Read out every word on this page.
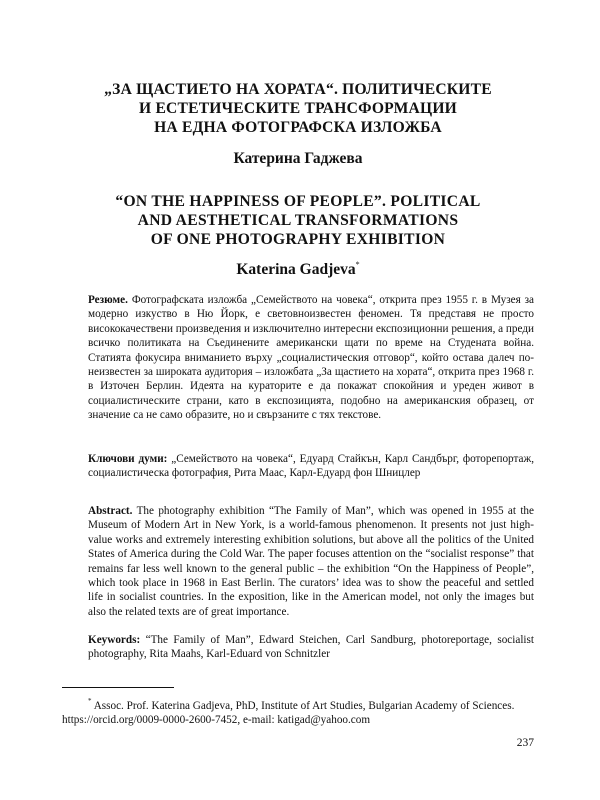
„ЗА ЩАСТИЕТО НА ХОРАТА“. ПОЛИТИЧЕСКИТЕ
И ЕСТЕТИЧЕСКИТЕ ТРАНСФОРМАЦИИ
НА ЕДНА ФОТОГРАФСКА ИЗЛОЖБА
Катерина Гаджева
“ON THE HAPPINESS OF PEOPLE”. POLITICAL
AND AESTHETICAL TRANSFORMATIONS
OF ONE PHOTOGRAPHY EXHIBITION
Katerina Gadjeva*
Резюме. Фотографската изложба „Семейството на човека“, открита през 1955 г. в Музея за модерно изкуство в Ню Йорк, е световноизвестен феномен. Тя представя не просто висококачествени произведения и изключително интересни експозиционни решения, а преди всичко политиката на Съединените американски щати по време на Студената война. Статията фокусира вниманието върху „социалистическия отговор“, който остава далеч по-неизвестен за широката аудитория – изложбата „За щастието на хората“, открита през 1968 г. в Източен Берлин. Идеята на кураторите е да покажат спокойния и уреден живот в социалистическите страни, като в експозицията, подобно на американския образец, от значение са не само образите, но и свързаните с тях текстове.
Ключови думи: „Семейството на човека“, Едуард Стайкън, Карл Сандбърг, фоторепортаж, социалистическа фотография, Рита Маас, Карл-Едуард фон Шницлер
Abstract. The photography exhibition “The Family of Man”, which was opened in 1955 at the Museum of Modern Art in New York, is a world-famous phenomenon. It presents not just high-value works and extremely interesting exhibition solutions, but above all the politics of the United States of America during the Cold War. The paper focuses attention on the “socialist response” that remains far less well known to the general public – the exhibition “On the Happiness of People”, which took place in 1968 in East Berlin. The curators’ idea was to show the peaceful and settled life in socialist countries. In the exposition, like in the American model, not only the images but also the related texts are of great importance.
Keywords: “The Family of Man”, Edward Steichen, Carl Sandburg, photoreportage, socialist photography, Rita Maahs, Karl-Eduard von Schnitzler
* Assoc. Prof. Katerina Gadjeva, PhD, Institute of Art Studies, Bulgarian Academy of Sciences. https://orcid.org/0009-0000-2600-7452, e-mail: katigad@yahoo.com
237
